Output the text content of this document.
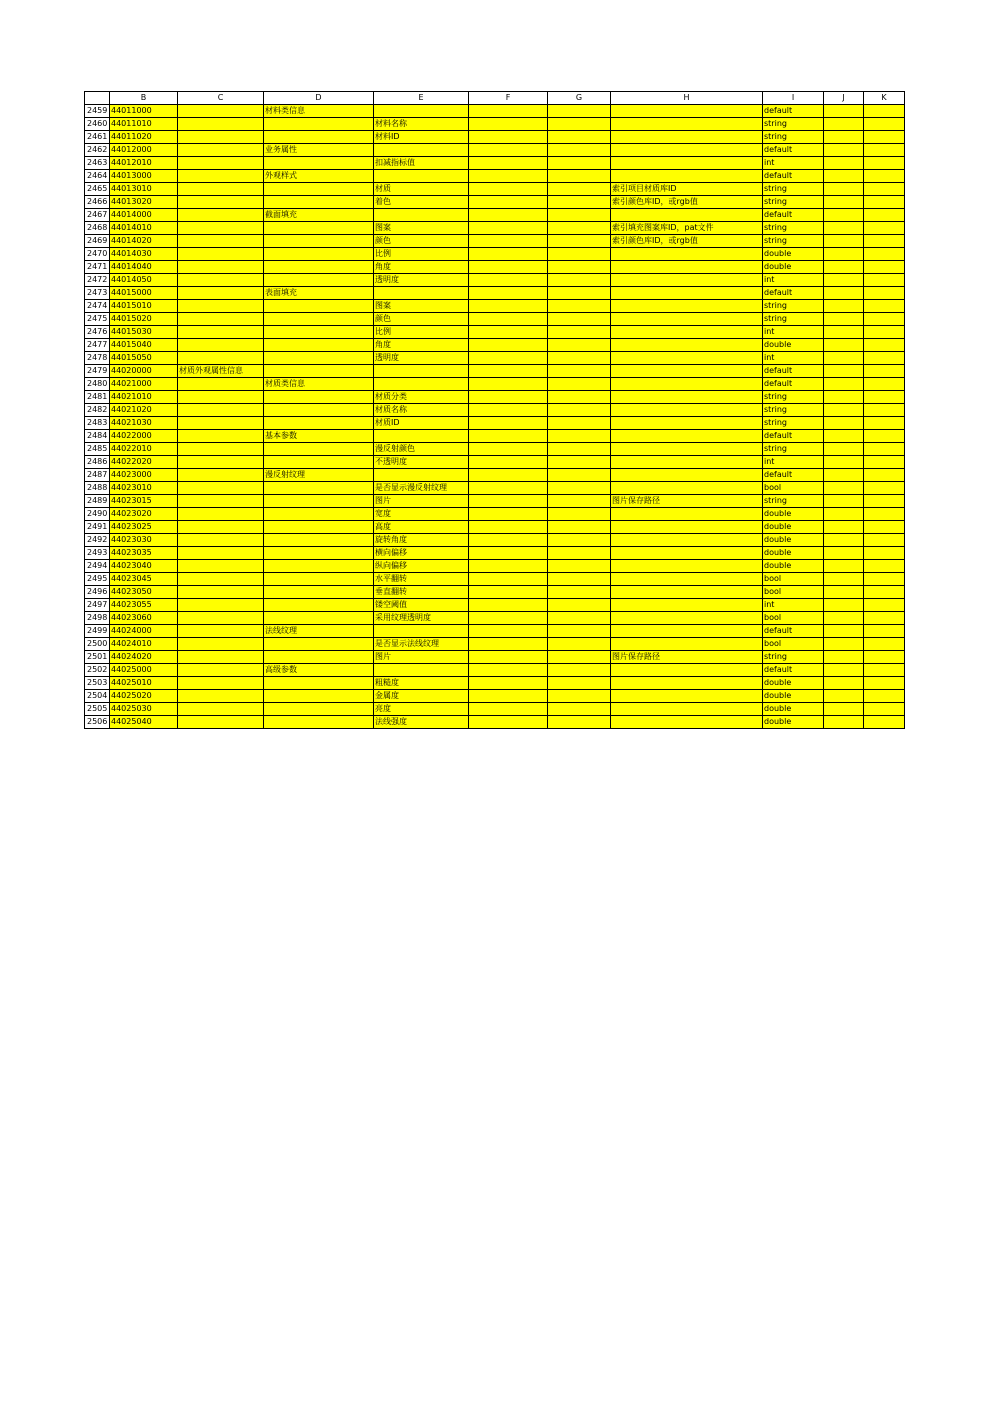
	B	C	D	E	F	G	H	I	J	K
2459	44011000		材料类信息					default		
2460	44011010			材料名称				string		
2461	44011020			材料ID				string		
2462	44012000		业务属性					default		
2463	44012010			扣减指标值				int		
2464	44013000		外观样式					default		
2465	44013010			材质			索引项目材质库ID	string		
2466	44013020			着色			索引颜色库ID，或rgb值	string		
2467	44014000		截面填充					default		
2468	44014010			图案			索引填充图案库ID，pat文件	string		
2469	44014020			颜色			索引颜色库ID，或rgb值	string		
2470	44014030			比例				double		
2471	44014040			角度				double		
2472	44014050			透明度				int		
2473	44015000		表面填充					default		
2474	44015010			图案				string		
2475	44015020			颜色				string		
2476	44015030			比例				int		
2477	44015040			角度				double		
2478	44015050			透明度				int		
2479	44020000	材质外观属性信息						default		
2480	44021000		材质类信息					default		
2481	44021010			材质分类				string		
2482	44021020			材质名称				string		
2483	44021030			材质ID				string		
2484	44022000		基本参数					default		
2485	44022010			漫反射颜色				string		
2486	44022020			不透明度				int		
2487	44023000		漫反射纹理					default		
2488	44023010			是否显示漫反射纹理				bool		
2489	44023015			图片			图片保存路径	string		
2490	44023020			宽度				double		
2491	44023025			高度				double		
2492	44023030			旋转角度				double		
2493	44023035			横向偏移				double		
2494	44023040			纵向偏移				double		
2495	44023045			水平翻转				bool		
2496	44023050			垂直翻转				bool		
2497	44023055			镂空阈值				int		
2498	44023060			采用纹理透明度				bool		
2499	44024000		法线纹理					default		
2500	44024010			是否显示法线纹理				bool		
2501	44024020			图片			图片保存路径	string		
2502	44025000		高级参数					default		
2503	44025010			粗糙度				double		
2504	44025020			金属度				double		
2505	44025030			亮度				double		
2506	44025040			法线强度				double		
